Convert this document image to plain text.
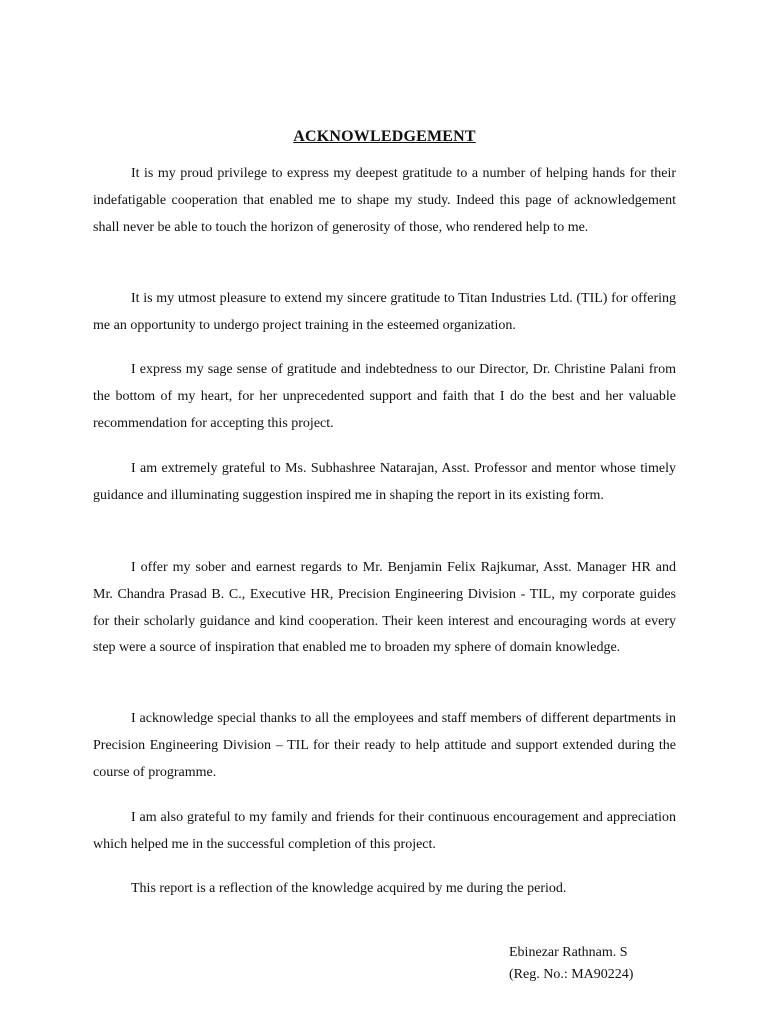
ACKNOWLEDGEMENT

It is my proud privilege to express my deepest gratitude to a number of helping hands for their indefatigable cooperation that enabled me to shape my study. Indeed this page of acknowledgement shall never be able to touch the horizon of generosity of those, who rendered help to me.

It is my utmost pleasure to extend my sincere gratitude to Titan Industries Ltd. (TIL) for offering me an opportunity to undergo project training in the esteemed organization.

I express my sage sense of gratitude and indebtedness to our Director, Dr. Christine Palani from the bottom of my heart, for her unprecedented support and faith that I do the best and her valuable recommendation for accepting this project.

I am extremely grateful to Ms. Subhashree Natarajan, Asst. Professor and mentor whose timely guidance and illuminating suggestion inspired me in shaping the report in its existing form.

I offer my sober and earnest regards to Mr. Benjamin Felix Rajkumar, Asst. Manager HR and Mr. Chandra Prasad B. C., Executive HR, Precision Engineering Division - TIL, my corporate guides for their scholarly guidance and kind cooperation. Their keen interest and encouraging words at every step were a source of inspiration that enabled me to broaden my sphere of domain knowledge.

I acknowledge special thanks to all the employees and staff members of different departments in Precision Engineering Division – TIL for their ready to help attitude and support extended during the course of programme.

I am also grateful to my family and friends for their continuous encouragement and appreciation which helped me in the successful completion of this project.

This report is a reflection of the knowledge acquired by me during the period.

Ebinezar Rathnam. S
(Reg. No.: MA90224)
